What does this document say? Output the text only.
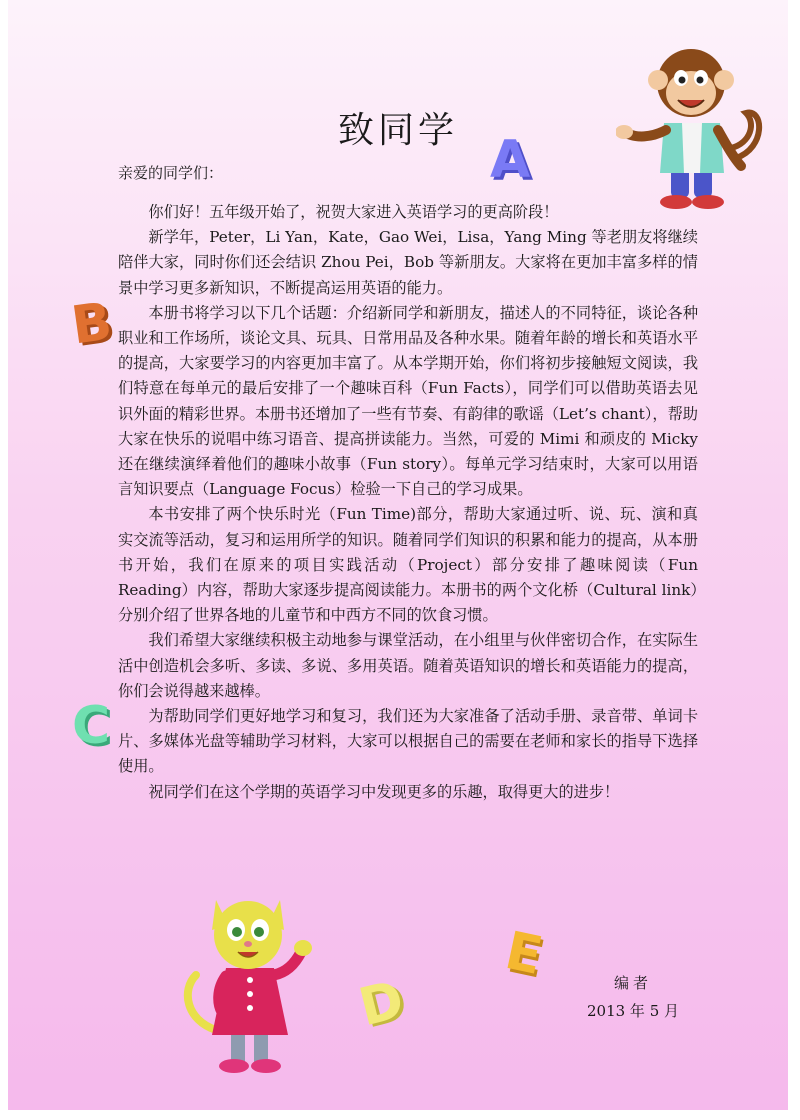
致同学
亲爱的同学们：

你们好！五年级开始了，祝贺大家进入英语学习的更高阶段！

新学年，Peter，Li Yan，Kate，Gao Wei，Lisa，Yang Ming 等老朋友将继续陪伴大家，同时你们还会结识 Zhou Pei，Bob 等新朋友。大家将在更加丰富多样的情景中学习更多新知识，不断提高运用英语的能力。

本册书将学习以下几个话题：介绍新同学和新朋友，描述人的不同特征，谈论各种职业和工作场所，谈论文具、玩具、日常用品及各种水果。随着年龄的增长和英语水平的提高，大家要学习的内容更加丰富了。从本学期开始，你们将初步接触短文阅读，我们特意在每单元的最后安排了一个趣味百科（Fun Facts），同学们可以借助英语去见识外面的精彩世界。本册书还增加了一些有节奏、有韵律的歌谣（Let’s chant），帮助大家在快乐的说唱中练习语音、提高拼读能力。当然，可爱的 Mimi 和顽皮的 Micky 还在继续演绎着他们的趣味小故事（Fun story）。每单元学习结束时，大家可以用语言知识要点（Language Focus）检验一下自己的学习成果。

本书安排了两个快乐时光（Fun Time)部分，帮助大家通过听、说、玩、演和真实交流等活动，复习和运用所学的知识。随着同学们知识的积累和能力的提高，从本册书开始，我们在原来的项目实践活动（Project）部分安排了趣味阅读（Fun Reading）内容，帮助大家逐步提高阅读能力。本册书的两个文化桥（Cultural link）分别介绍了世界各地的儿童节和中西方不同的饮食习惯。

我们希望大家继续积极主动地参与课堂活动，在小组里与伙伴密切合作，在实际生活中创造机会多听、多读、多说、多用英语。随着英语知识的增长和英语能力的提高，你们会说得越来越棒。

为帮助同学们更好地学习和复习，我们还为大家准备了活动手册、录音带、单词卡片、多媒体光盘等辅助学习材料，大家可以根据自己的需要在老师和家长的指导下选择使用。

祝同学们在这个学期的英语学习中发现更多的乐趣，取得更大的进步！

编者
2013 年 5 月
A
B
C
D
E
